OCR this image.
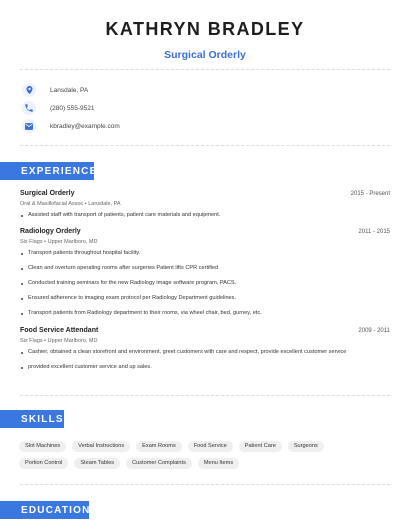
KATHRYN BRADLEY
Surgical Orderly
Lansdale, PA
(280) 555-9521
kbradley@example.com
EXPERIENCE
Surgical Orderly	2015 - Present
Oral & Maxillofacial Assoc • Lansdale, PA
Assisted staff with transport of patients, patient care materials and equipment.
Radiology Orderly	2011 - 2015
Six Flags • Upper Marlboro, MD
Transport patients throughout hospital facility.
Clean and overturn operating rooms after surgeries Patient lifts CPR certified
Conducted training seminars for the new Radiology image software program, PACS.
Ensured adherence to imaging exam protocol per Radiology Department guidelines.
Transport patients from Radiology department to their rooms, via wheel chair, bed, gurney, etc.
Food Service Attendant	2009 - 2011
Six Flags • Upper Marlboro, MD
Cashier, obtained a clean storefront and environment, greet customers with care and respect, provide excellent customer service
provided excellent customer service and up sales.
SKILLS
Slot Machines	Verbal Instructions	Exam Rooms	Food Service	Patient Care	Surgeons
Portion Control	Steam Tables	Customer Complaints	Menu Items
EDUCATION
